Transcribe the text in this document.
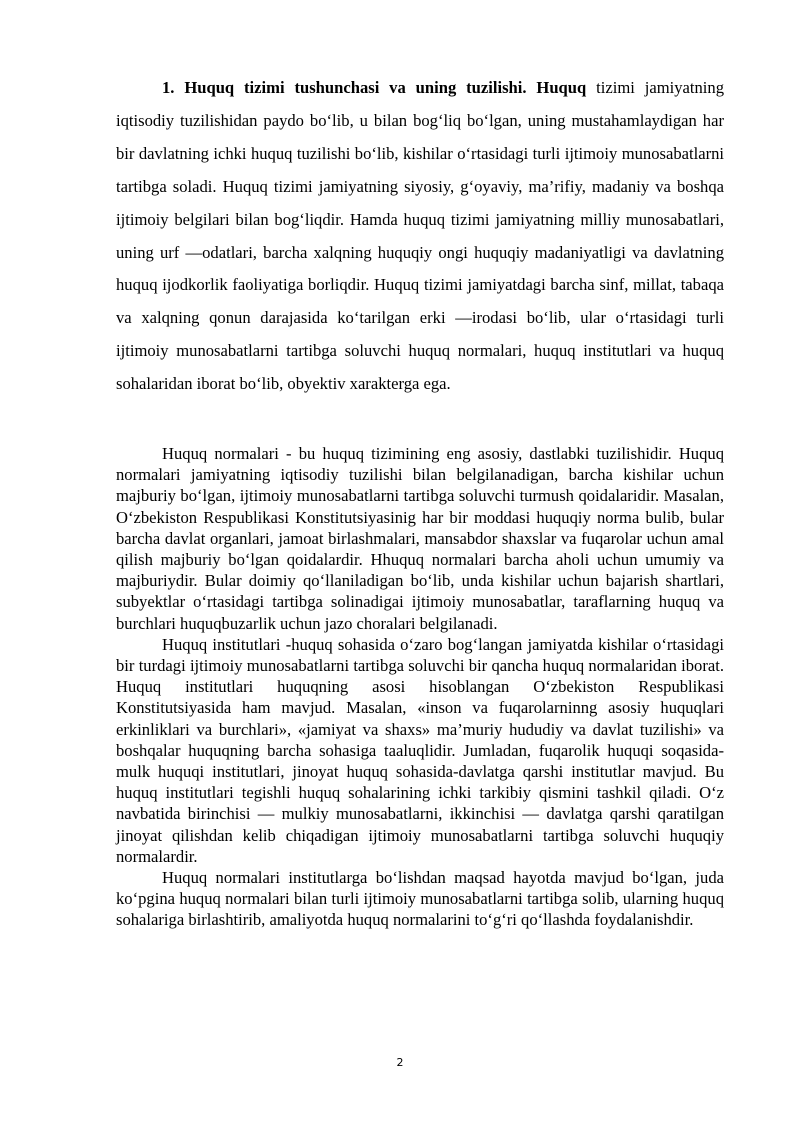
1. Huquq tizimi tushunchasi va uning tuzilishi. Huquq tizimi jamiyatning iqtisodiy tuzilishidan paydo bo‘lib, u bilan bog‘liq bo‘lgan, uning mustahamlaydigan har bir davlatning ichki huquq tuzilishi bo‘lib, kishilar o‘rtasidagi turli ijtimoiy munosabatlarni tartibga soladi. Huquq tizimi jamiyatning siyosiy, g‘oyaviy, ma’rifiy, madaniy va boshqa ijtimoiy belgilari bilan bog‘liqdir. Hamda huquq tizimi jamiyatning milliy munosabatlari, uning urf —odatlari, barcha xalqning huquqiy ongi huquqiy madaniyatligi va davlatning huquq ijodkorlik faoliyatiga borliqdir. Huquq tizimi jamiyatdagi barcha sinf, millat, tabaqa va xalqning qonun darajasida ko‘tarilgan erki —irodasi bo‘lib, ular o‘rtasidagi turli ijtimoiy munosabatlarni tartibga soluvchi huquq normalari, huquq institutlari va huquq sohalaridan iborat bo‘lib, obyektiv xarakterga ega.

Huquq normalari - bu huquq tizimining eng asosiy, dastlabki tuzilishidir. Huquq normalari jamiyatning iqtisodiy tuzilishi bilan belgilanadigan, barcha kishilar uchun majburiy bo‘lgan, ijtimoiy munosabatlarni tartibga soluvchi turmush qoidalaridir. Masalan, O‘zbekiston Respublikasi Konstitutsiyasinig har bir moddasi huquqiy norma bulib, bular barcha davlat organlari, jamoat birlashmalari, mansabdor shaxslar va fuqarolar uchun amal qilish majburiy bo‘lgan qoidalardir. Hhuquq normalari barcha aholi uchun umumiy va majburiydir. Bular doimiy qo‘llaniladigan bo‘lib, unda kishilar uchun bajarish shartlari, subyektlar o‘rtasidagi tartibga solinadigai ijtimoiy munosabatlar, taraflarning huquq va burchlari huquqbuzarlik uchun jazo choralari belgilanadi.

Huquq institutlari -huquq sohasida o‘zaro bog‘langan jamiyatda kishilar o‘rtasidagi bir turdagi ijtimoiy munosabatlarni tartibga soluvchi bir qancha huquq normalaridan iborat. Huquq institutlari huquqning asosi hisoblangan O‘zbekiston Respublikasi Konstitutsiyasida ham mavjud. Masalan, «inson va fuqarolarninng asosiy huquqlari erkinliklari va burchlari», «jamiyat va shaxs» ma’muriy hududiy va davlat tuzilishi» va boshqalar huquqning barcha sohasiga taaluqlidir. Jumladan, fuqarolik huquqi soqasida-mulk huquqi institutlari, jinoyat huquq sohasida-davlatga qarshi institutlar mavjud. Bu huquq institutlari tegishli huquq sohalarining ichki tarkibiy qismini tashkil qiladi. O‘z navbatida birinchisi — mulkiy munosabatlarni, ikkinchisi — davlatga qarshi qaratilgan jinoyat qilishdan kelib chiqadigan ijtimoiy munosabatlarni tartibga soluvchi huquqiy normalardir.

Huquq normalari institutlarga bo‘lishdan maqsad hayotda mavjud bo‘lgan, juda ko‘pgina huquq normalari bilan turli ijtimoiy munosabatlarni tartibga solib, ularning huquq sohalariga birlashtirib, amaliyotda huquq normalarini to‘g‘ri qo‘llashda foydalanishdir.

2
